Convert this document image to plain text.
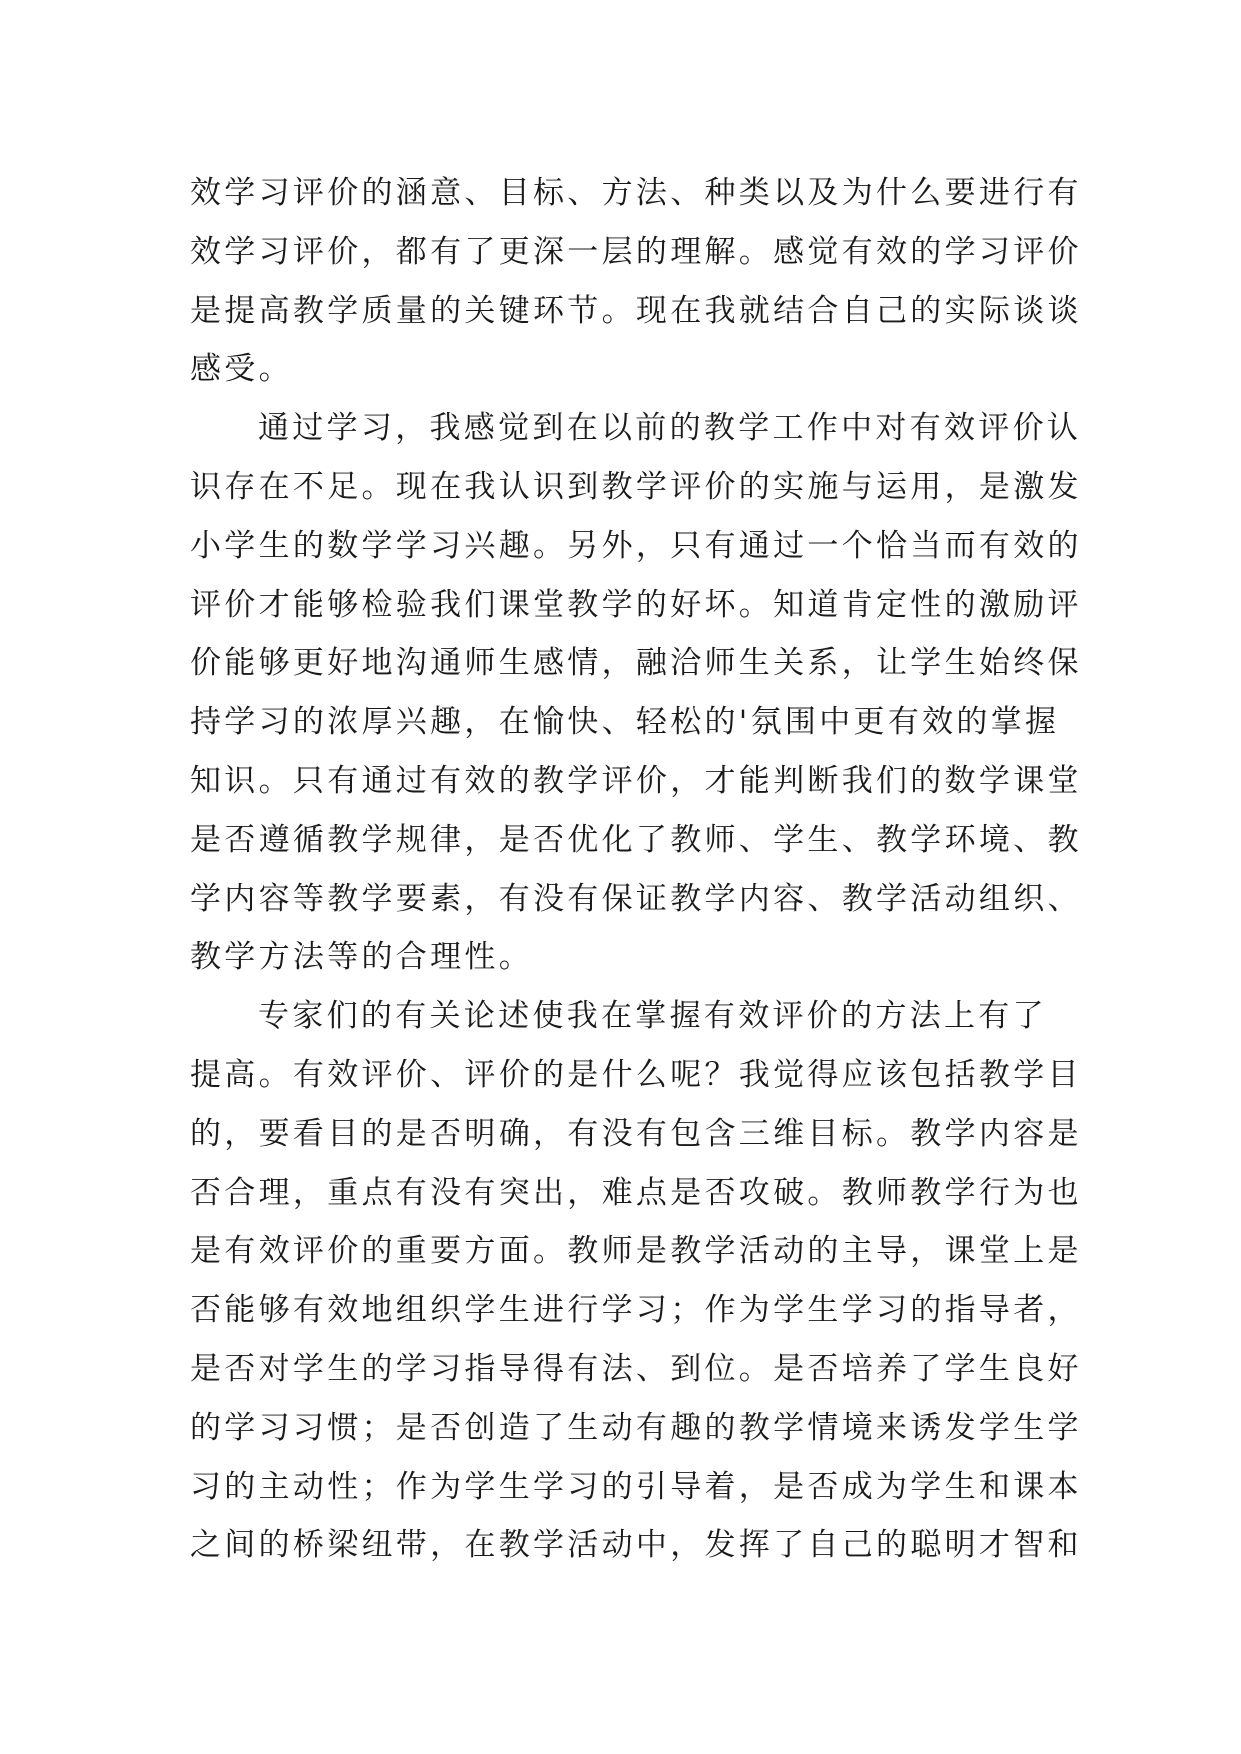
效学习评价的涵意、目标、方法、种类以及为什么要进行有
效学习评价，都有了更深一层的理解。感觉有效的学习评价
是提高教学质量的关键环节。现在我就结合自己的实际谈谈
感受。
通过学习，我感觉到在以前的教学工作中对有效评价认
识存在不足。现在我认识到教学评价的实施与运用，是激发
小学生的数学学习兴趣。另外，只有通过一个恰当而有效的
评价才能够检验我们课堂教学的好坏。知道肯定性的激励评
价能够更好地沟通师生感情，融洽师生关系，让学生始终保
持学习的浓厚兴趣，在愉快、轻松的'氛围中更有效的掌握
知识。只有通过有效的教学评价，才能判断我们的数学课堂
是否遵循教学规律，是否优化了教师、学生、教学环境、教
学内容等教学要素，有没有保证教学内容、教学活动组织、
教学方法等的合理性。
专家们的有关论述使我在掌握有效评价的方法上有了
提高。有效评价、评价的是什么呢？我觉得应该包括教学目
的，要看目的是否明确，有没有包含三维目标。教学内容是
否合理，重点有没有突出，难点是否攻破。教师教学行为也
是有效评价的重要方面。教师是教学活动的主导，课堂上是
否能够有效地组织学生进行学习；作为学生学习的指导者，
是否对学生的学习指导得有法、到位。是否培养了学生良好
的学习习惯；是否创造了生动有趣的教学情境来诱发学生学
习的主动性；作为学生学习的引导着，是否成为学生和课本
之间的桥梁纽带，在教学活动中，发挥了自己的聪明才智和
